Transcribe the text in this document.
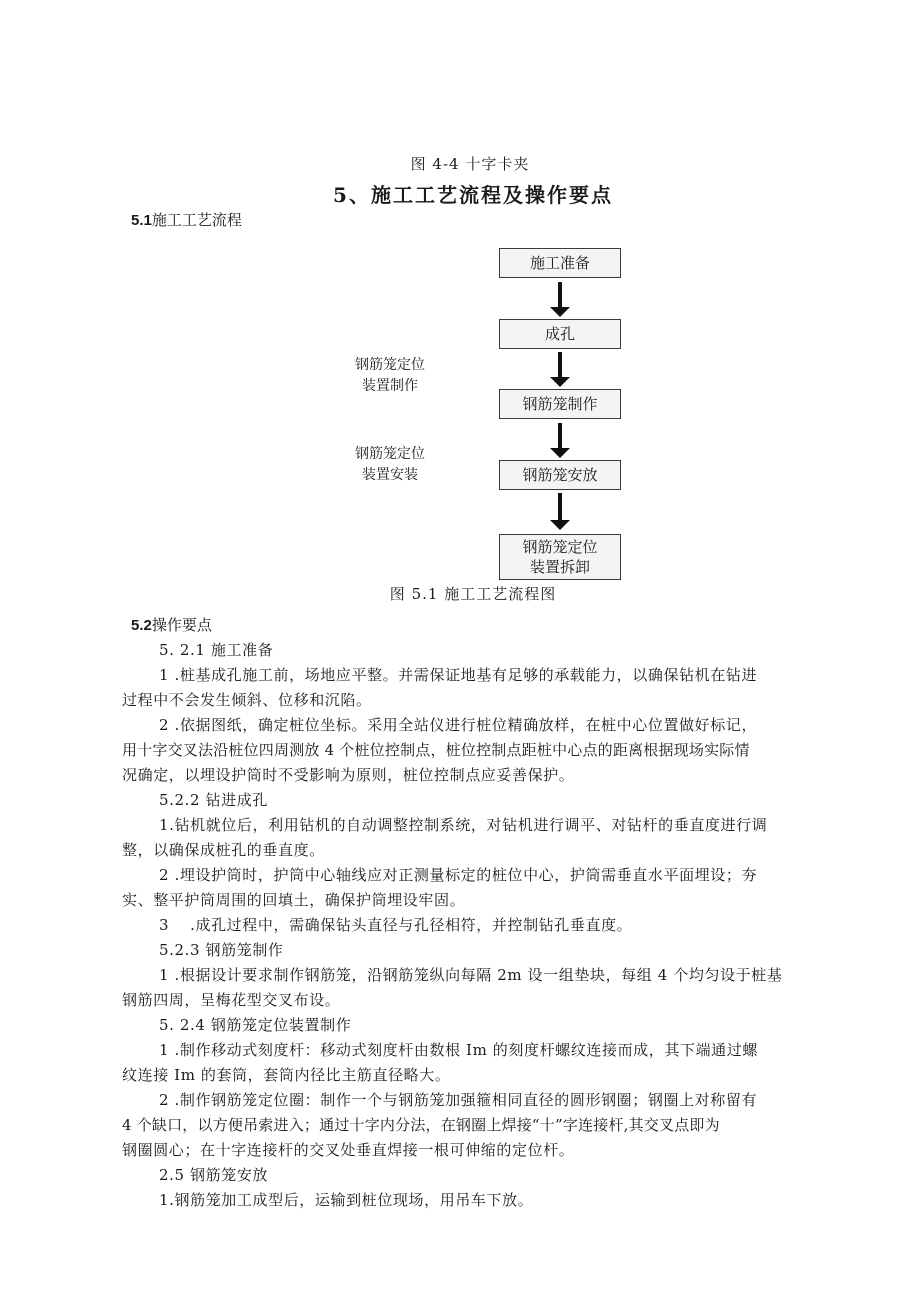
图 4-4 十字卡夹
5、施工工艺流程及操作要点
5.1施工工艺流程
施工准备
成孔
钢筋笼制作
钢筋笼安放
钢筋笼定位
装置拆卸
钢筋笼定位
装置制作
钢筋笼定位
装置安装
图 5.1 施工工艺流程图
5.2操作要点
5. 2.1 施工准备
1 .桩基成孔施工前，场地应平整。并需保证地基有足够的承载能力，以确保钻机在钻进
过程中不会发生倾斜、位移和沉陷。
2 .依据图纸，确定桩位坐标。采用全站仪进行桩位精确放样，在桩中心位置做好标记，
用十字交叉法沿桩位四周测放 4 个桩位控制点，桩位控制点距桩中心点的距离根据现场实际情
况确定，以埋设护筒时不受影响为原则，桩位控制点应妥善保护。
5.2.2 钻进成孔
1.钻机就位后，利用钻机的自动调整控制系统，对钻机进行调平、对钻杆的垂直度进行调
整，以确保成桩孔的垂直度。
2 .埋设护筒时，护筒中心轴线应对正测量标定的桩位中心，护筒需垂直水平面埋设；夯
实、整平护筒周围的回填土，确保护筒埋设牢固。
3　 .成孔过程中，需确保钻头直径与孔径相符，并控制钻孔垂直度。
5.2.3 钢筋笼制作
1 .根据设计要求制作钢筋笼，沿钢筋笼纵向每隔 2m 设一组垫块，每组 4 个均匀设于桩基
钢筋四周，呈梅花型交叉布设。
5. 2.4 钢筋笼定位装置制作
1 .制作移动式刻度杆：移动式刻度杆由数根 Im 的刻度杆螺纹连接而成，其下端通过螺
纹连接 Im 的套筒，套筒内径比主筋直径略大。
2 .制作钢筋笼定位圈：制作一个与钢筋笼加强箍相同直径的圆形钢圈；钢圈上对称留有
4 个缺口，以方便吊索进入；通过十字内分法，在钢圈上焊接“十”字连接杆,其交叉点即为
钢圈圆心；在十字连接杆的交叉处垂直焊接一根可伸缩的定位杆。
2.5 钢筋笼安放
1.钢筋笼加工成型后，运输到桩位现场，用吊车下放。
